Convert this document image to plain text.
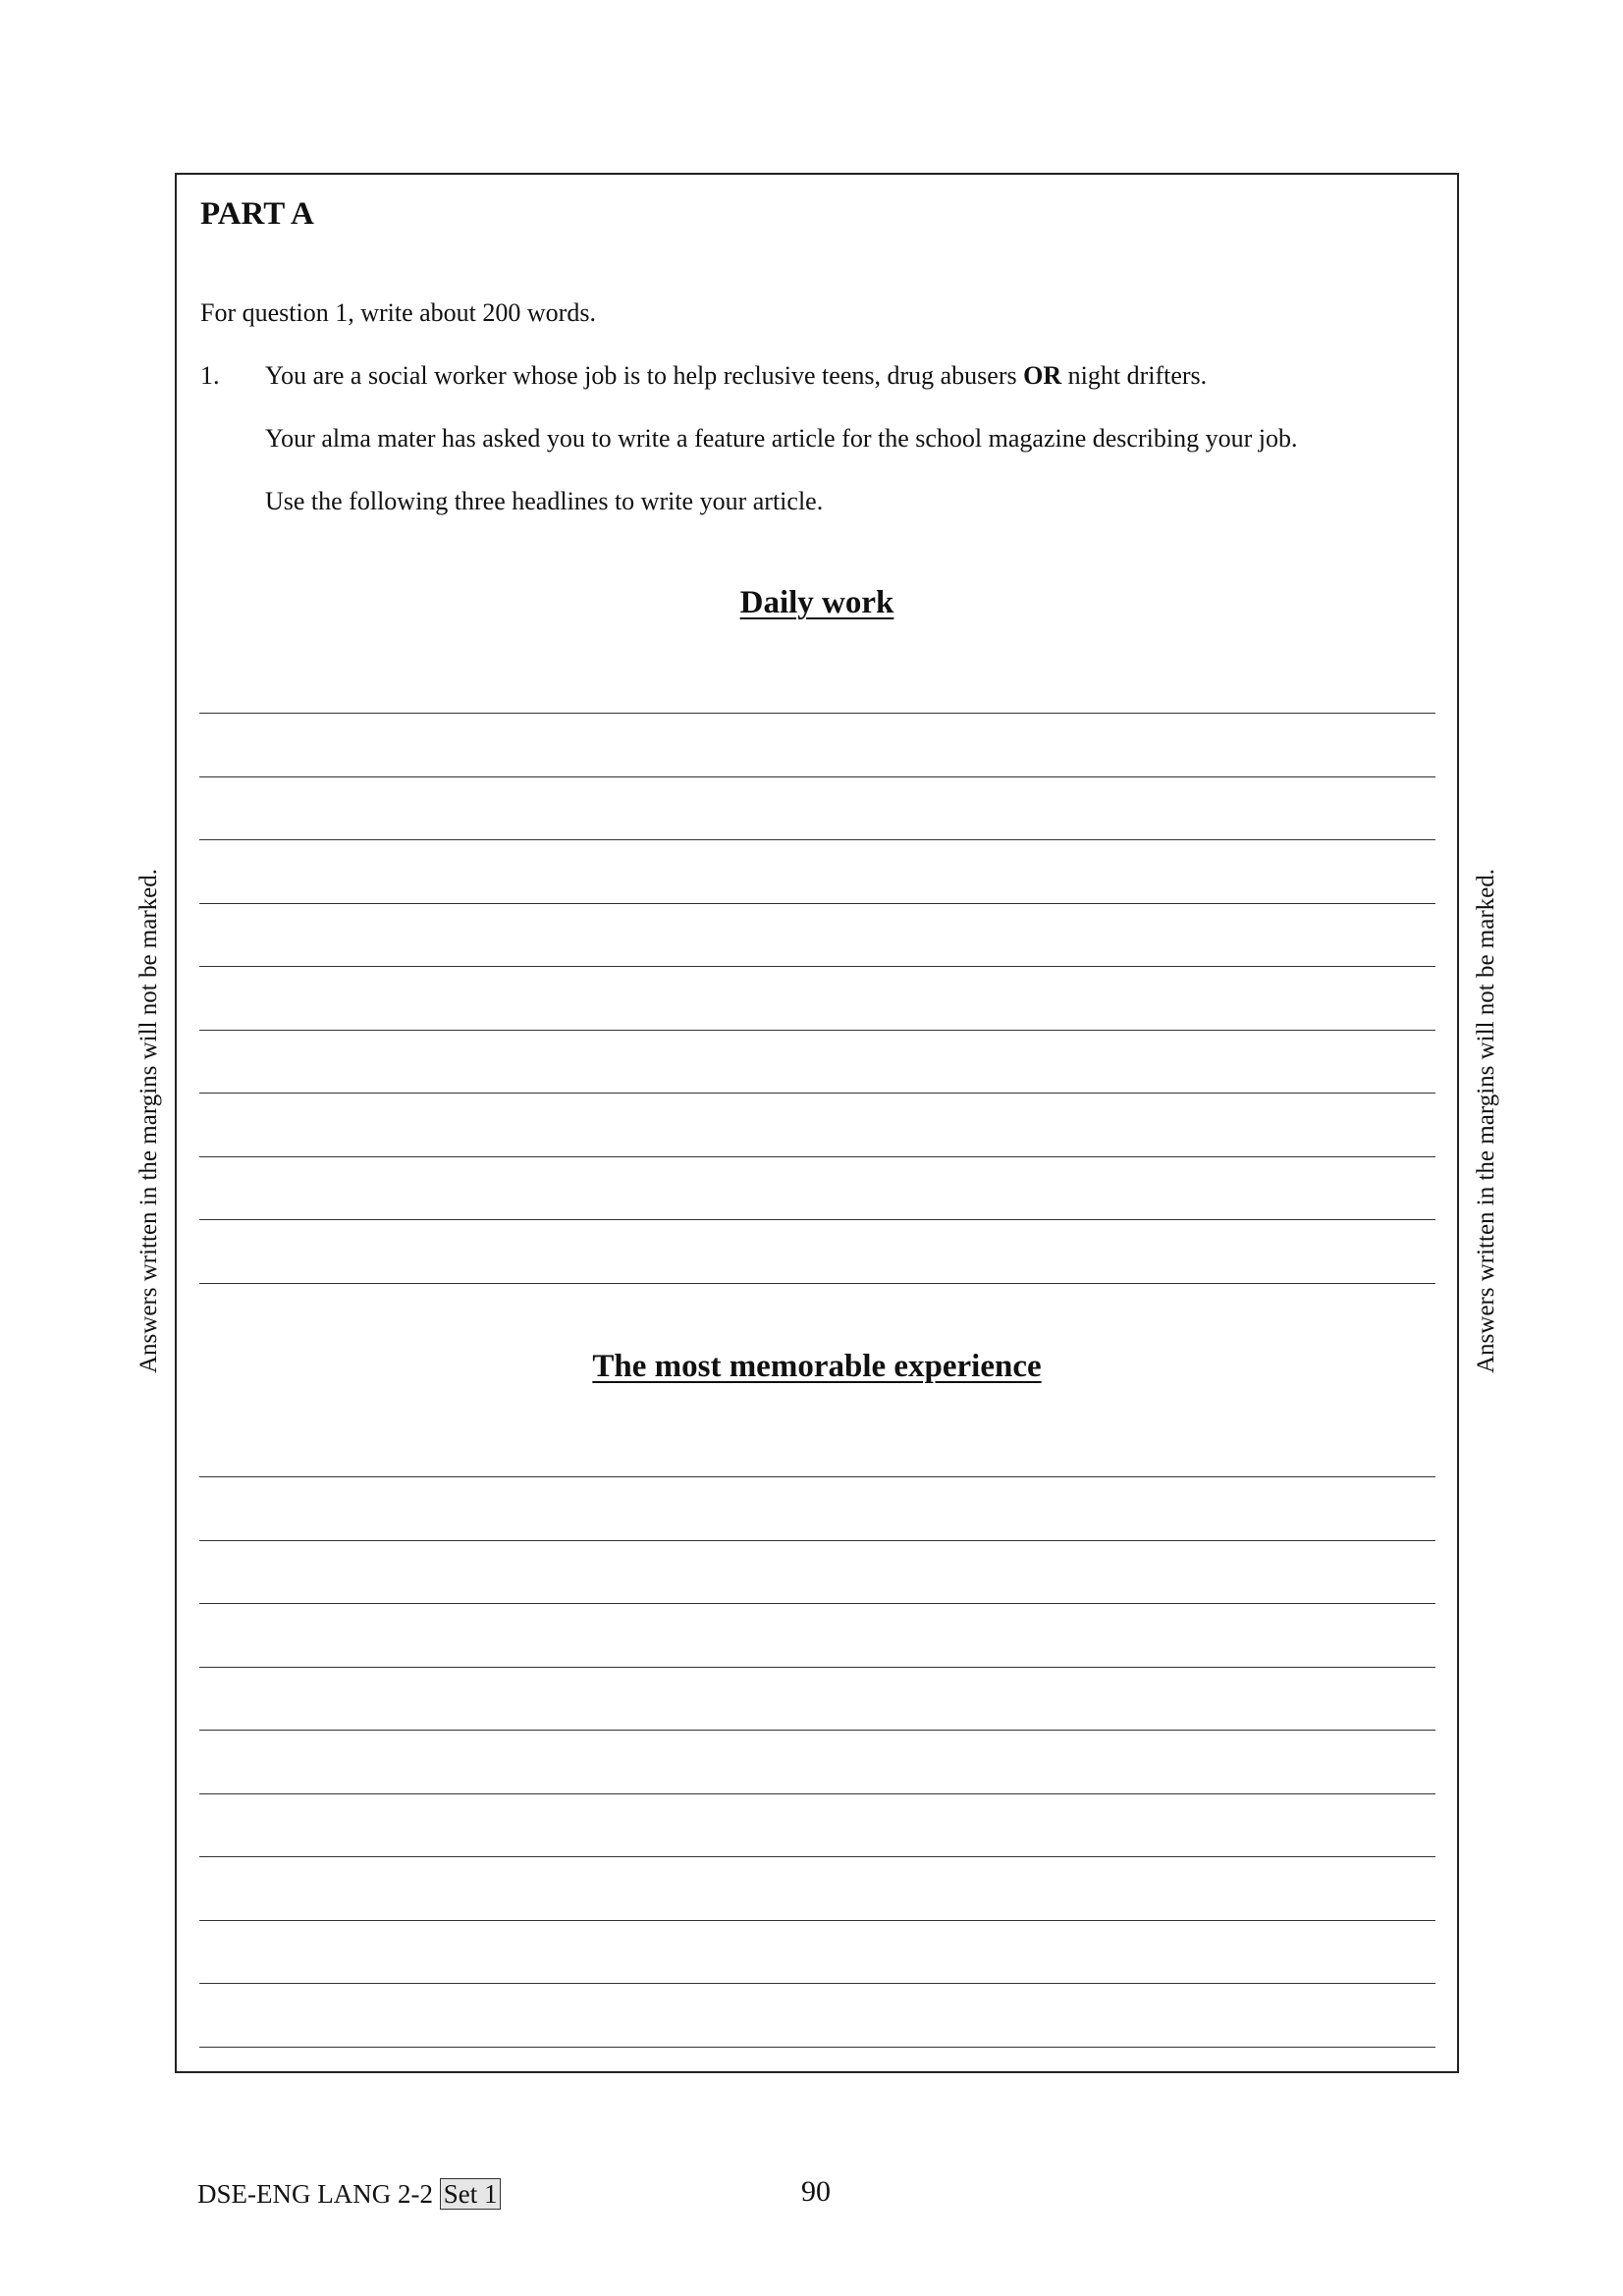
Answers written in the margins will not be marked.	Answers written in the margins will not be marked.
PART A

For question 1, write about 200 words.

1. You are a social worker whose job is to help reclusive teens, drug abusers OR night drifters.

Your alma mater has asked you to write a feature article for the school magazine describing your job.

Use the following three headlines to write your article.

Daily work
The most memorable experience
DSE-ENG LANG 2-2 Set 1	90
